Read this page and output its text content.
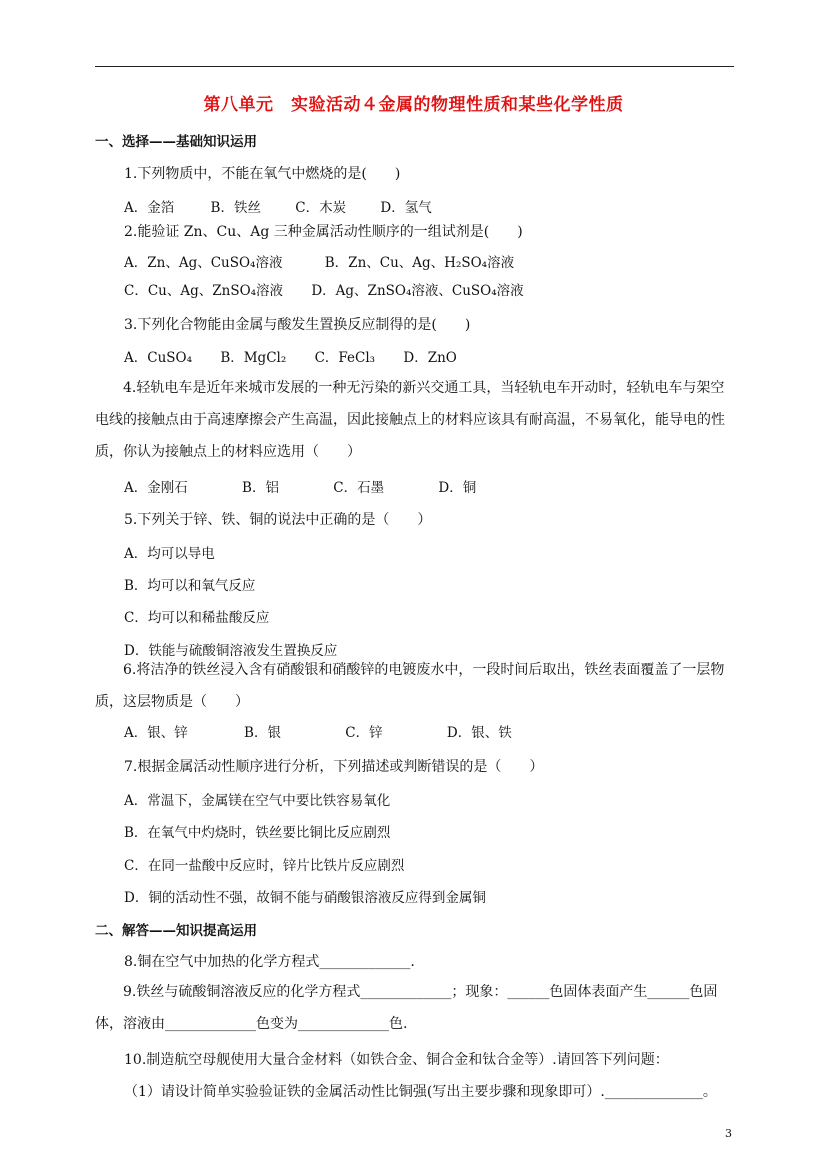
第八单元　实验活动４金属的物理性质和某些化学性质
一、选择——基础知识运用
1.下列物质中，不能在氧气中燃烧的是(　　)
A．金箔	B．铁丝	C．木炭	D．氢气
2.能验证 Zn、Cu、Ag 三种金属活动性顺序的一组试剂是(　　)
A．Zn、Ag、CuSO₄溶液	B．Zn、Cu、Ag、H₂SO₄溶液
C．Cu、Ag、ZnSO₄溶液 D．Ag、ZnSO₄溶液、CuSO₄溶液
3.下列化合物能由金属与酸发生置换反应制得的是(　　)
A．CuSO₄ B．MgCl₂ C．FeCl₃ D．ZnO
4.轻轨电车是近年来城市发展的一种无污染的新兴交通工具，当轻轨电车开动时，轻轨电车与架空电线的接触点由于高速摩擦会产生高温，因此接触点上的材料应该具有耐高温，不易氧化，能导电的性质，你认为接触点上的材料应选用（　　）
A．金刚石	B．铝	C．石墨	D．铜
5.下列关于锌、铁、铜的说法中正确的是（　　）
A．均可以导电
B．均可以和氧气反应
C．均可以和稀盐酸反应
D．铁能与硫酸铜溶液发生置换反应
6.将洁净的铁丝浸入含有硝酸银和硝酸锌的电镀废水中，一段时间后取出，铁丝表面覆盖了一层物质，这层物质是（　　）
A．银、锌	B．银	C．锌	D．银、铁
7.根据金属活动性顺序进行分析，下列描述或判断错误的是（　　）
A．常温下，金属镁在空气中要比铁容易氧化
B．在氧气中灼烧时，铁丝要比铜比反应剧烈
C．在同一盐酸中反应时，锌片比铁片反应剧烈
D．铜的活动性不强，故铜不能与硝酸银溶液反应得到金属铜
二、解答——知识提高运用
8.铜在空气中加热的化学方程式_____________.
9.铁丝与硫酸铜溶液反应的化学方程式_____________；现象：______色固体表面产生______色固体，溶液由_____________色变为_____________色.
10.制造航空母舰使用大量合金材料（如铁合金、铜合金和钛合金等）.请回答下列问题：
（1）请设计简单实验验证铁的金属活动性比铜强(写出主要步骤和现象即可）.______________。
3
